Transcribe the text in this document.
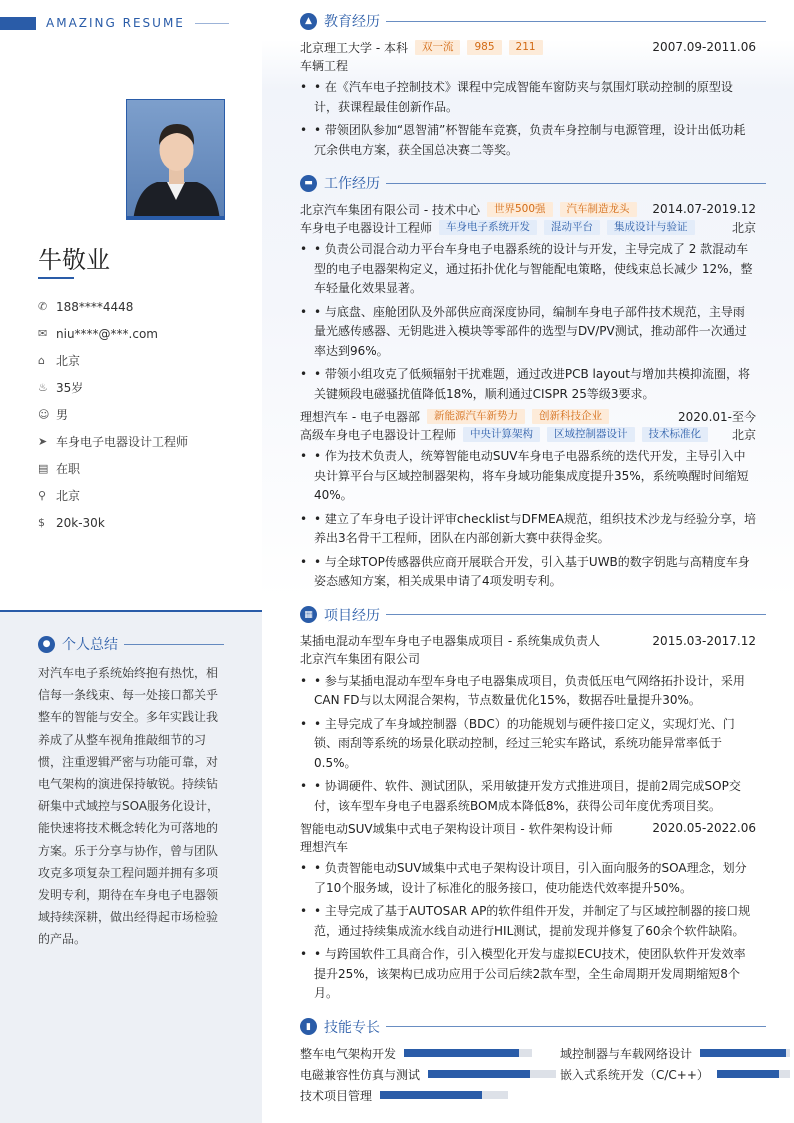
AMAZING RESUME
牛敬业
✆ 188****4448
✉ niu****@***.com
⌂ 北京
♨ 35岁
☺ 男
➤ 车身电子电器设计工程师
▤ 在职
⚲ 北京
$ 20k-30k
● 个人总结
对汽车电子系统始终抱有热忱，相信每一条线束、每一处接口都关乎整车的智能与安全。多年实践让我养成了从整车视角推敲细节的习惯，注重逻辑严密与功能可靠，对电气架构的演进保持敏锐。持续钻研集中式域控与SOA服务化设计，能快速将技术概念转化为可落地的方案。乐于分享与协作，曾与团队攻克多项复杂工程问题并拥有多项发明专利，期待在车身电子电器领域持续深耕，做出经得起市场检验的产品。
▲ 教育经历
北京理工大学 - 本科	双一流	985	211	2007.09-2011.06
车辆工程
• • 在《汽车电子控制技术》课程中完成智能车窗防夹与氛围灯联动控制的原型设计，获课程最佳创新作品。
• • 带领团队参加“恩智浦”杯智能车竞赛，负责车身控制与电源管理，设计出低功耗冗余供电方案，获全国总决赛二等奖。
▬ 工作经历
北京汽车集团有限公司 - 技术中心	世界500强	汽车制造龙头	2014.07-2019.12
车身电子电器设计工程师	车身电子系统开发	混动平台	集成设计与验证	北京
• • 负责公司混合动力平台车身电子电器系统的设计与开发，主导完成了 2 款混动车型的电子电器架构定义，通过拓扑优化与智能配电策略，使线束总长减少 12%，整车轻量化效果显著。
• • 与底盘、座舱团队及外部供应商深度协同，编制车身电子部件技术规范，主导雨量光感传感器、无钥匙进入模块等零部件的选型与DV/PV测试，推动部件一次通过率达到96%。
• • 带领小组攻克了低频辐射干扰难题，通过改进PCB layout与增加共模抑流圈，将关键频段电磁骚扰值降低18%，顺利通过CISPR 25等级3要求。
理想汽车 - 电子电器部	新能源汽车新势力	创新科技企业	2020.01-至今
高级车身电子电器设计工程师	中央计算架构	区域控制器设计	技术标准化	北京
• • 作为技术负责人，统筹智能电动SUV车身电子电器系统的迭代开发，主导引入中央计算平台与区域控制器架构，将车身域功能集成度提升35%，系统唤醒时间缩短40%。
• • 建立了车身电子设计评审checklist与DFMEA规范，组织技术沙龙与经验分享，培养出3名骨干工程师，团队在内部创新大赛中获得金奖。
• • 与全球TOP传感器供应商开展联合开发，引入基于UWB的数字钥匙与高精度车身姿态感知方案，相关成果申请了4项发明专利。
▦ 项目经历
某插电混动车型车身电子电器集成项目 - 系统集成负责人	2015.03-2017.12
北京汽车集团有限公司
• • 参与某插电混动车型车身电子电器集成项目，负责低压电气网络拓扑设计，采用CAN FD与以太网混合架构，节点数量优化15%，数据吞吐量提升30%。
• • 主导完成了车身域控制器（BDC）的功能规划与硬件接口定义，实现灯光、门锁、雨刮等系统的场景化联动控制，经过三轮实车路试，系统功能异常率低于0.5%。
• • 协调硬件、软件、测试团队，采用敏捷开发方式推进项目，提前2周完成SOP交付，该车型车身电子电器系统BOM成本降低8%，获得公司年度优秀项目奖。
智能电动SUV域集中式电子架构设计项目 - 软件架构设计师	2020.05-2022.06
理想汽车
• • 负责智能电动SUV域集中式电子架构设计项目，引入面向服务的SOA理念，划分了10个服务域，设计了标准化的服务接口，使功能迭代效率提升50%。
• • 主导完成了基于AUTOSAR AP的软件组件开发，并制定了与区域控制器的接口规范，通过持续集成流水线自动进行HIL测试，提前发现并修复了60余个软件缺陷。
• • 与跨国软件工具商合作，引入模型化开发与虚拟ECU技术，使团队软件开发效率提升25%，该架构已成功应用于公司后续2款车型，全生命周期开发周期缩短8个月。
▮ 技能专长
整车电气架构开发	域控制器与车载网络设计
电磁兼容性仿真与测试	嵌入式系统开发（C/C++）
技术项目管理
